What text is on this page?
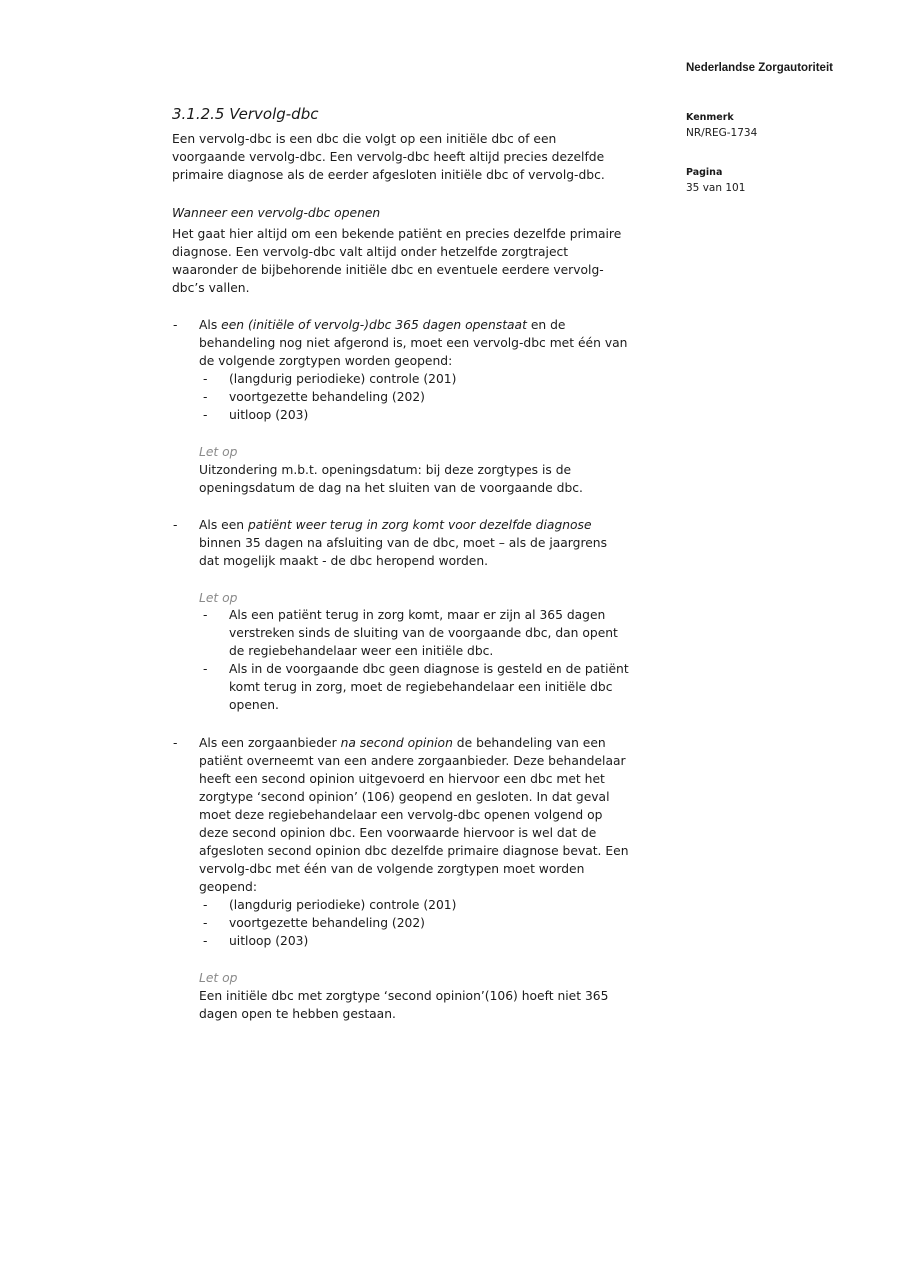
Nederlandse Zorgautoriteit
Kenmerk
NR/REG-1734
Pagina
35 van 101
3.1.2.5 Vervolg-dbc
Een vervolg-dbc is een dbc die volgt op een initiële dbc of een
voorgaande vervolg-dbc. Een vervolg-dbc heeft altijd precies dezelfde
primaire diagnose als de eerder afgesloten initiële dbc of vervolg-dbc.
Wanneer een vervolg-dbc openen
Het gaat hier altijd om een bekende patiënt en precies dezelfde primaire
diagnose. Een vervolg-dbc valt altijd onder hetzelfde zorgtraject
waaronder de bijbehorende initiële dbc en eventuele eerdere vervolg-
dbc’s vallen.
- Als een (initiële of vervolg-)dbc 365 dagen openstaat en de
behandeling nog niet afgerond is, moet een vervolg-dbc met één van
de volgende zorgtypen worden geopend:
- (langdurig periodieke) controle (201)
- voortgezette behandeling (202)
- uitloop (203)
Let op
Uitzondering m.b.t. openingsdatum: bij deze zorgtypes is de
openingsdatum de dag na het sluiten van de voorgaande dbc.
- Als een patiënt weer terug in zorg komt voor dezelfde diagnose
binnen 35 dagen na afsluiting van de dbc, moet – als de jaargrens
dat mogelijk maakt - de dbc heropend worden.
Let op
- Als een patiënt terug in zorg komt, maar er zijn al 365 dagen
verstreken sinds de sluiting van de voorgaande dbc, dan opent
de regiebehandelaar weer een initiële dbc.
- Als in de voorgaande dbc geen diagnose is gesteld en de patiënt
komt terug in zorg, moet de regiebehandelaar een initiële dbc
openen.
- Als een zorgaanbieder na second opinion de behandeling van een
patiënt overneemt van een andere zorgaanbieder. Deze behandelaar
heeft een second opinion uitgevoerd en hiervoor een dbc met het
zorgtype ‘second opinion’ (106) geopend en gesloten. In dat geval
moet deze regiebehandelaar een vervolg-dbc openen volgend op
deze second opinion dbc. Een voorwaarde hiervoor is wel dat de
afgesloten second opinion dbc dezelfde primaire diagnose bevat. Een
vervolg-dbc met één van de volgende zorgtypen moet worden
geopend:
- (langdurig periodieke) controle (201)
- voortgezette behandeling (202)
- uitloop (203)
Let op
Een initiële dbc met zorgtype ‘second opinion’(106) hoeft niet 365
dagen open te hebben gestaan.
